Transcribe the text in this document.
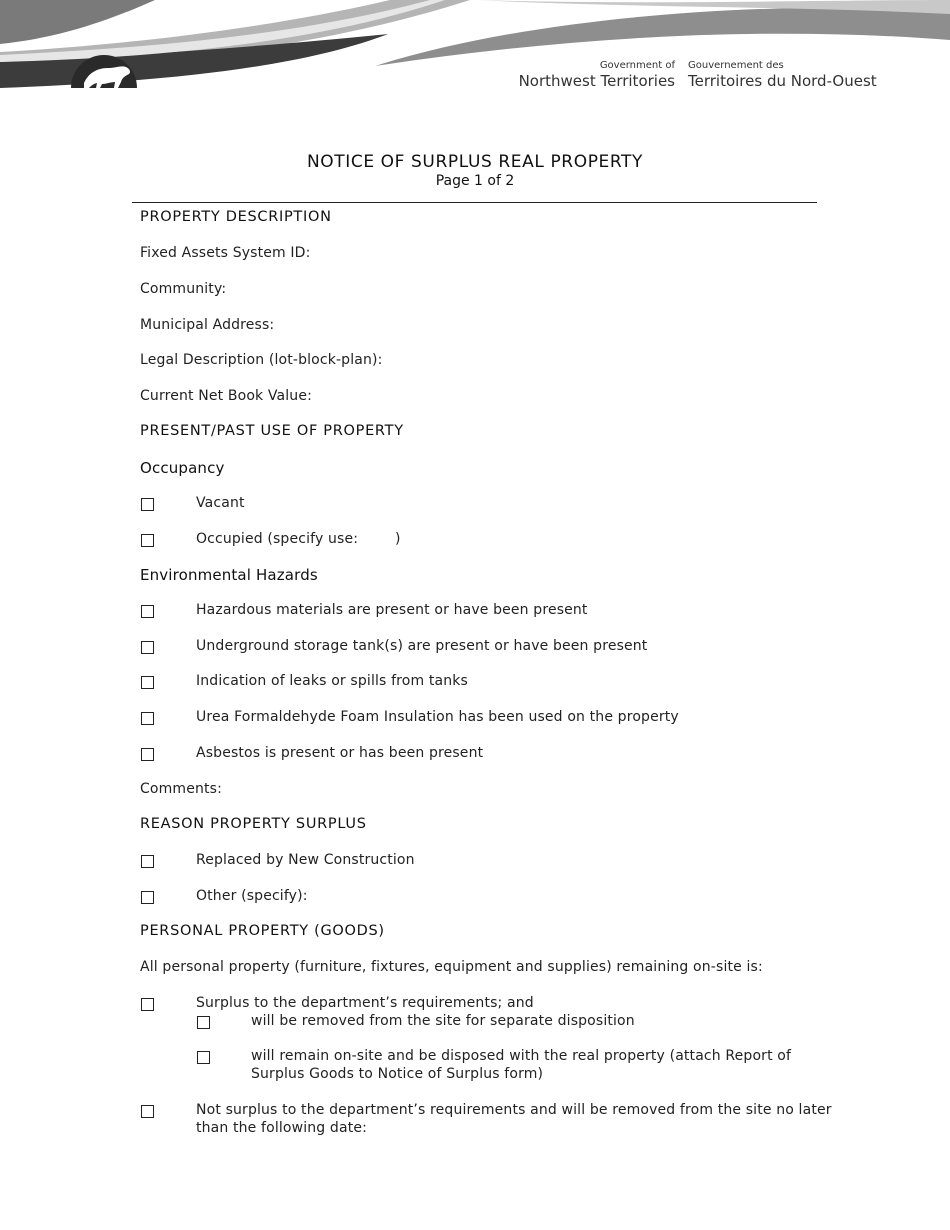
Government of
Northwest Territories
Gouvernement des
Territoires du Nord-Ouest
NOTICE OF SURPLUS REAL PROPERTY
Page 1 of 2
PROPERTY DESCRIPTION
Fixed Assets System ID:
Community:
Municipal Address:
Legal Description (lot-block-plan):
Current Net Book Value:
PRESENT/PAST USE OF PROPERTY
Occupancy
Vacant
Occupied (specify use:	)
Environmental Hazards
Hazardous materials are present or have been present
Underground storage tank(s) are present or have been present
Indication of leaks or spills from tanks
Urea Formaldehyde Foam Insulation has been used on the property
Asbestos is present or has been present
Comments:
REASON PROPERTY SURPLUS
Replaced by New Construction
Other (specify):
PERSONAL PROPERTY (GOODS)
All personal property (furniture, fixtures, equipment and supplies) remaining on-site is:
Surplus to the department’s requirements; and
will be removed from the site for separate disposition
will remain on-site and be disposed with the real property (attach Report of
Surplus Goods to Notice of Surplus form)
Not surplus to the department’s requirements and will be removed from the site no later
than the following date:
